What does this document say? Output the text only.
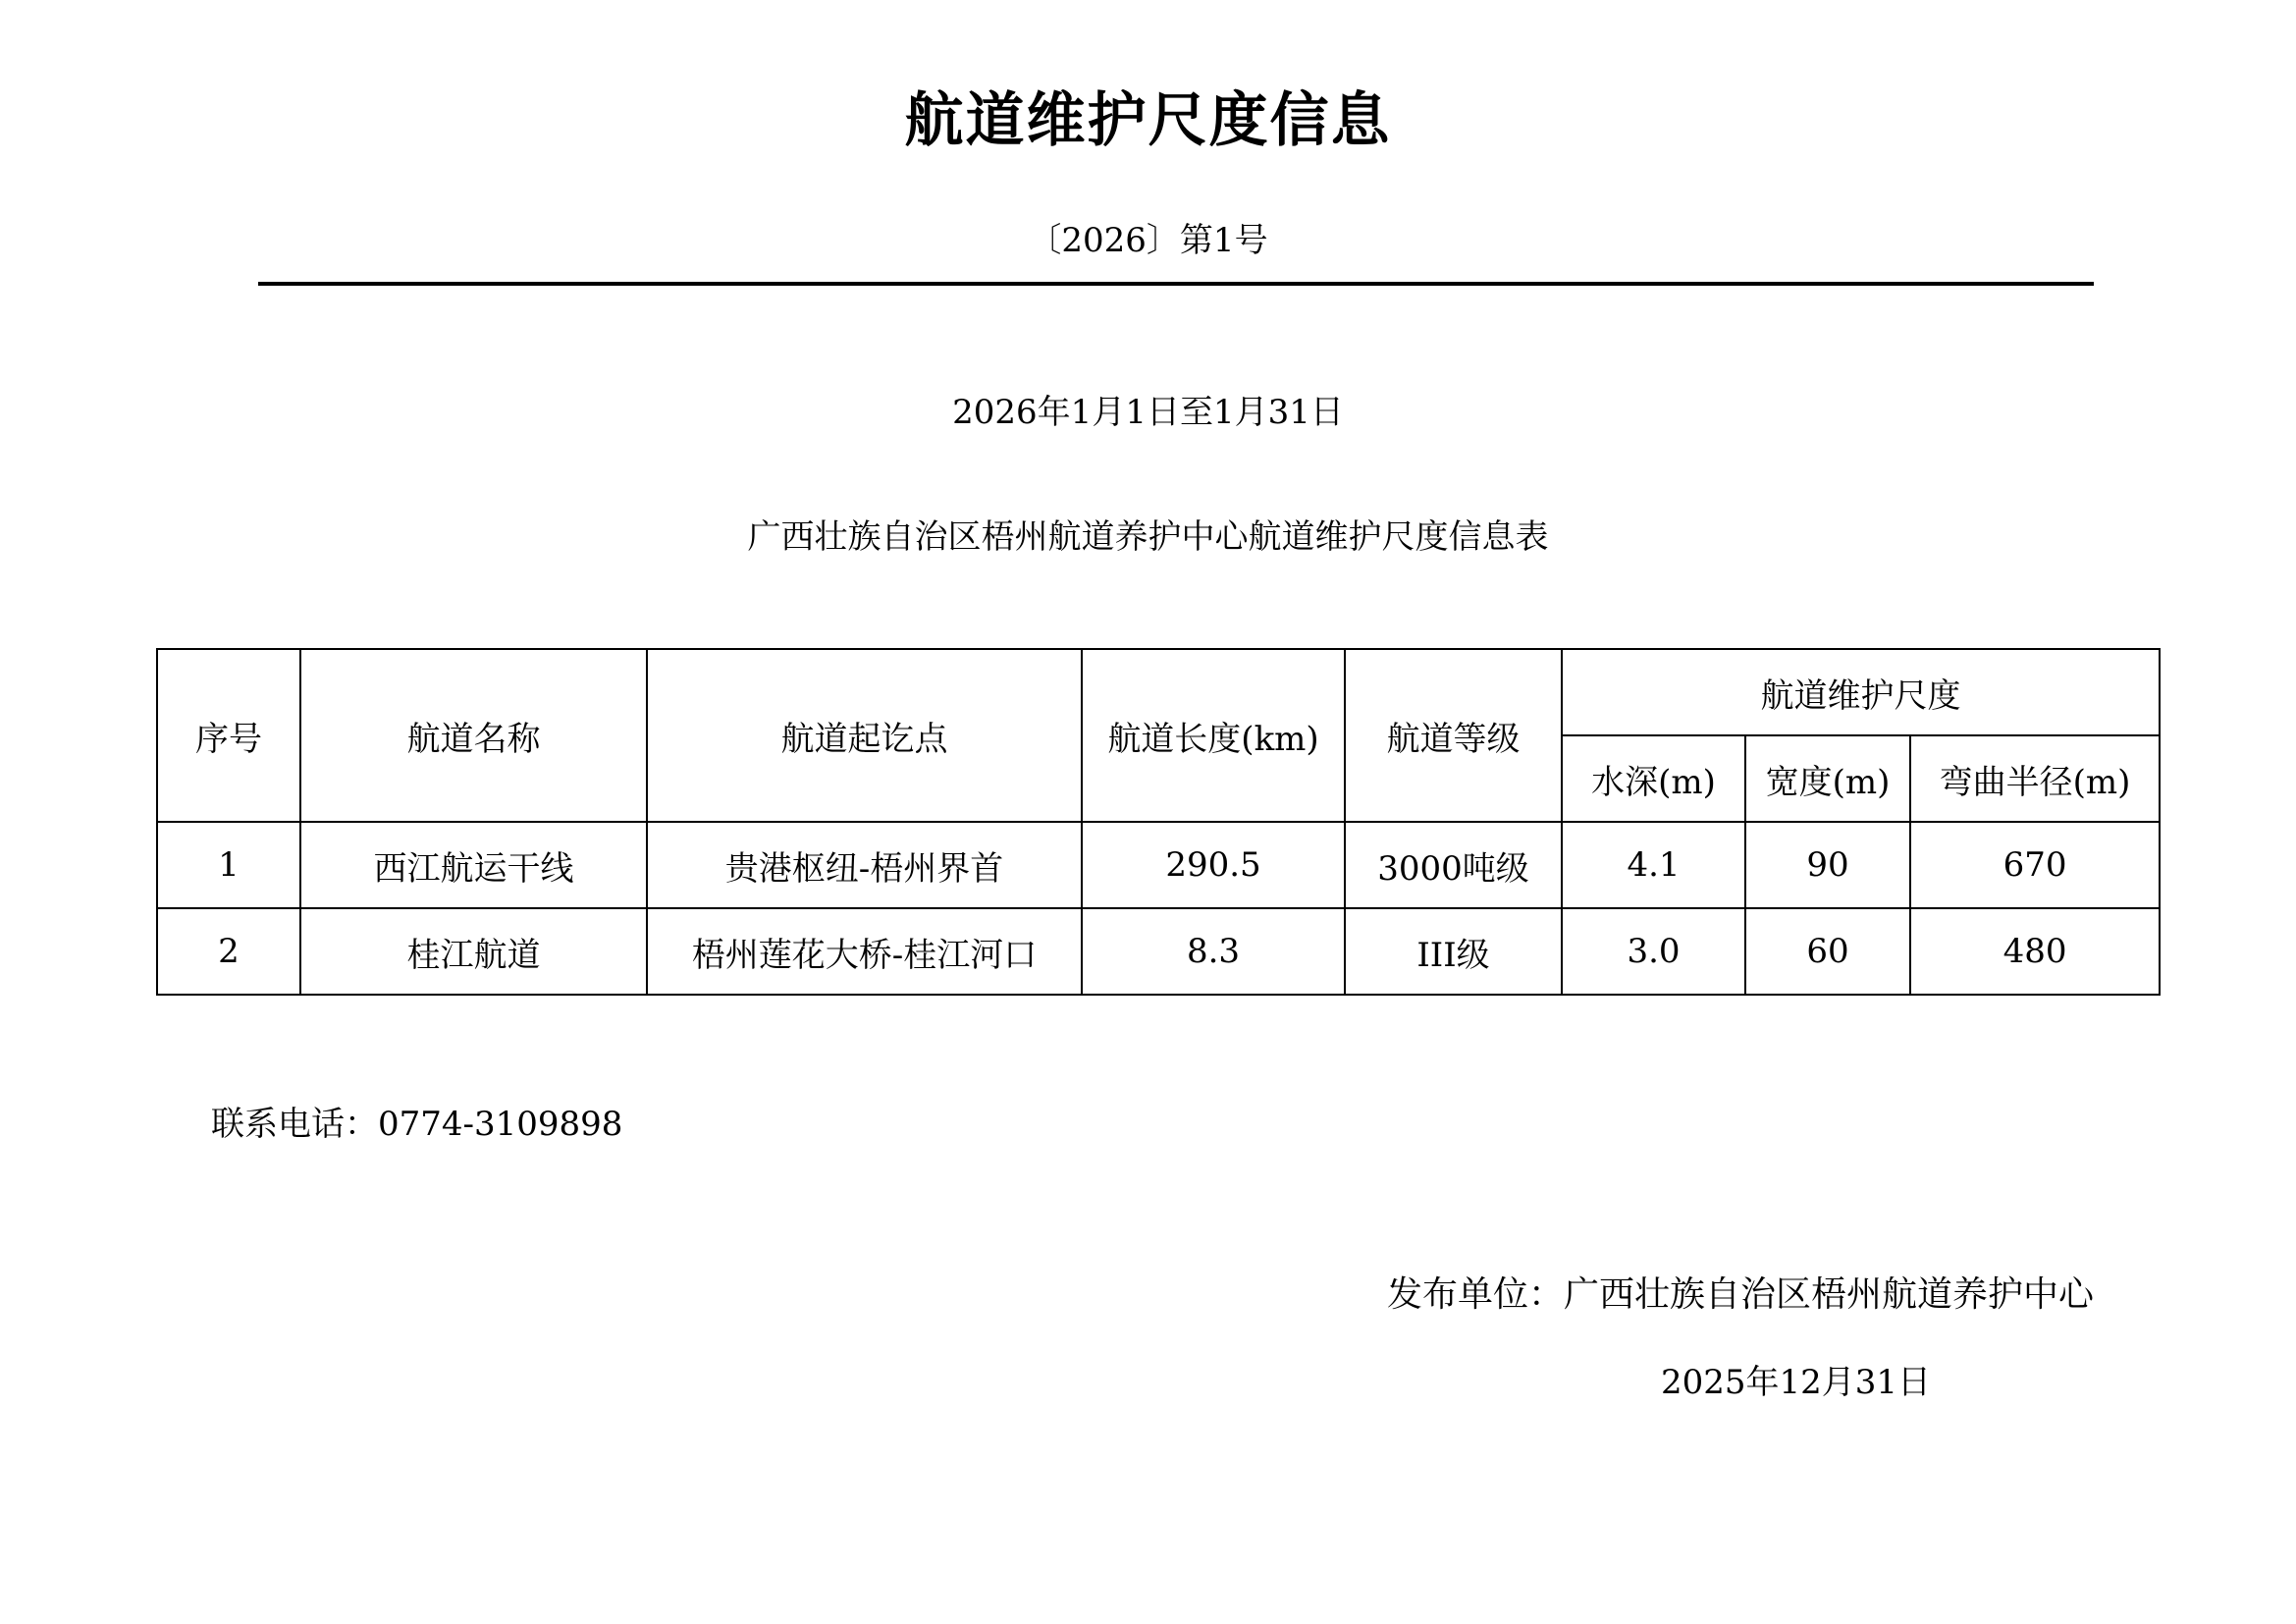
航道维护尺度信息
〔2026〕第1号
2026年1月1日至1月31日
广西壮族自治区梧州航道养护中心航道维护尺度信息表
序号	航道名称	航道起讫点	航道长度(km)	航道等级	航道维护尺度		
					水深(m)	宽度(m)	弯曲半径(m)
1	西江航运干线	贵港枢纽-梧州界首	290.5	3000吨级	4.1	90	670
2	桂江航道	梧州莲花大桥-桂江河口	8.3	III级	3.0	60	480
联系电话：0774-3109898
发布单位：广西壮族自治区梧州航道养护中心
2025年12月31日
